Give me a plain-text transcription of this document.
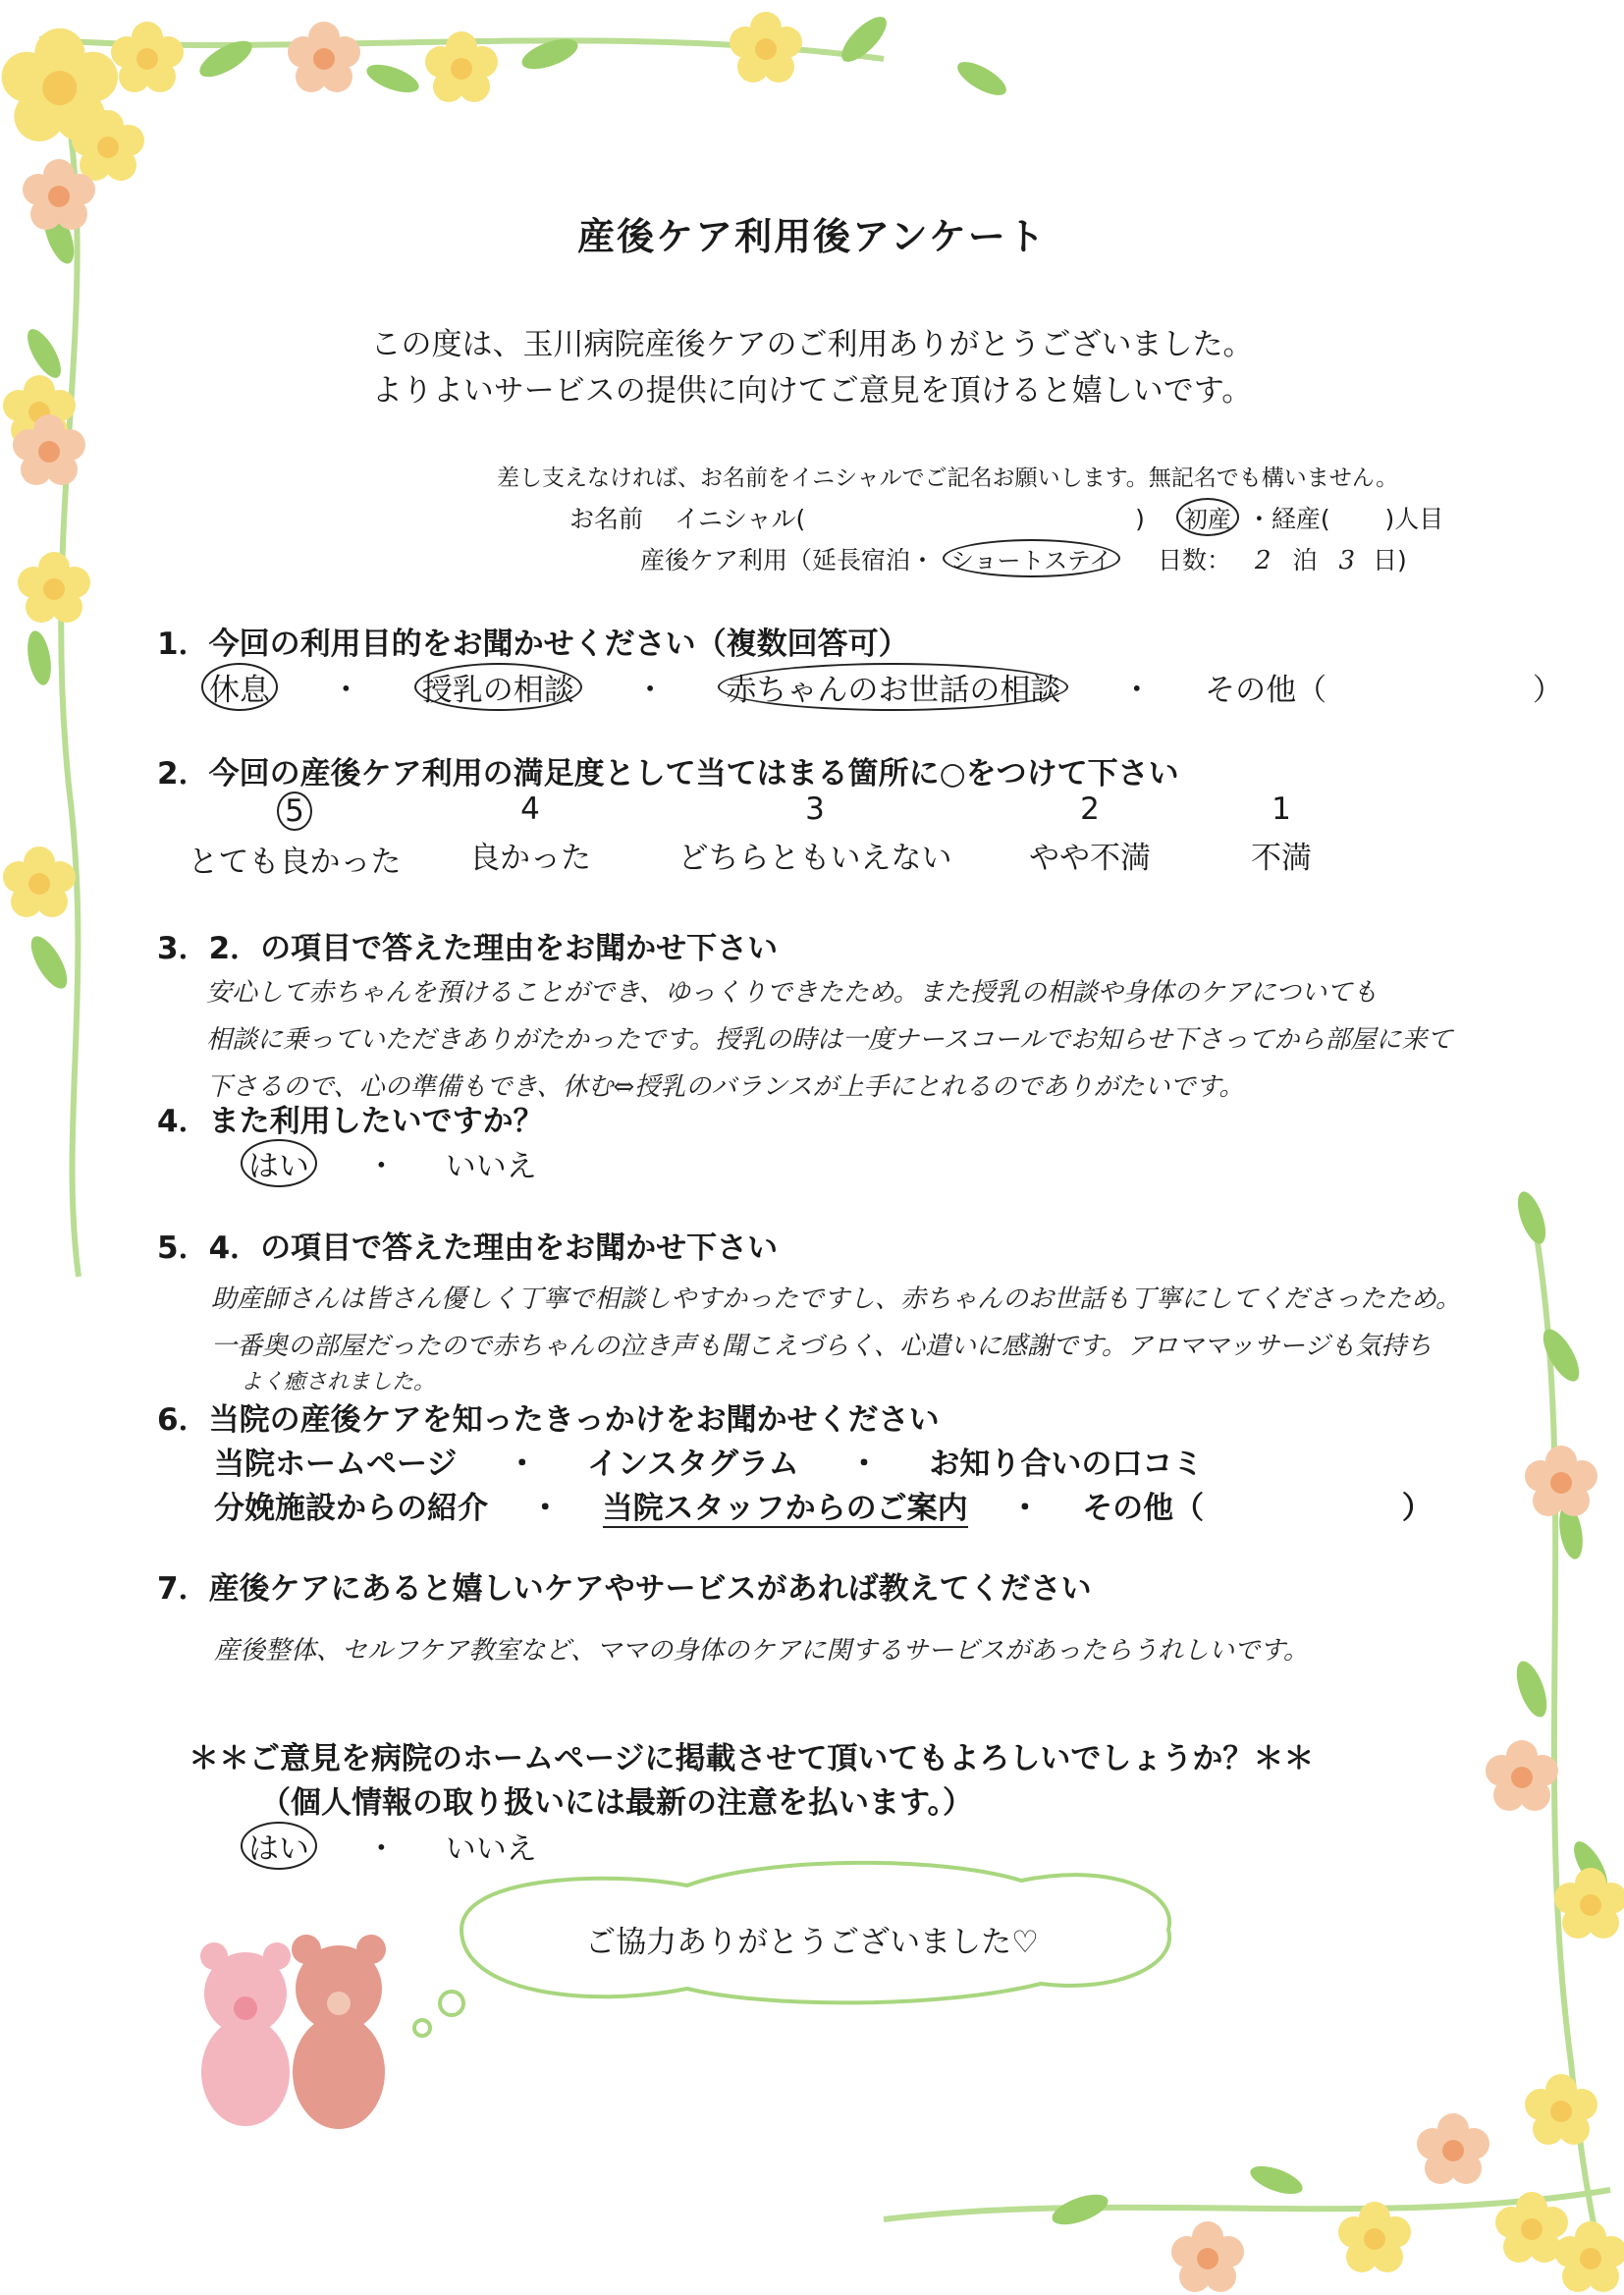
産後ケア利用後アンケート
この度は、玉川病院産後ケアのご利用ありがとうございました。
よりよいサービスの提供に向けてご意見を頂けると嬉しいです。
差し支えなければ、お名前をイニシャルでご記名お願いします。無記名でも構いません。
お名前 イニシャル(	) 初産 ・経産( )人目
産後ケア利用（延長宿泊・ ショートステイ 日数： 2 泊 3 日)
1．今回の利用目的をお聞かせください（複数回答可）
休息 ・ 授乳の相談 ・ 赤ちゃんのお世話の相談 ・ その他（	）
2．今回の産後ケア利用の満足度として当てはまる箇所に○をつけて下さい
5
とても良かった
4
良かった
3
どちらともいえない
2
やや不満
1
不満
3．2．の項目で答えた理由をお聞かせ下さい
安心して赤ちゃんを預けることができ、ゆっくりできたため。また授乳の相談や身体のケアについても
相談に乗っていただきありがたかったです。授乳の時は一度ナースコールでお知らせ下さってから部屋に来て
下さるので、心の準備もでき、休む⇔授乳のバランスが上手にとれるのでありがたいです。
4．また利用したいですか？
はい ・ いいえ
5．4．の項目で答えた理由をお聞かせ下さい
助産師さんは皆さん優しく丁寧で相談しやすかったですし、赤ちゃんのお世話も丁寧にしてくださったため。
一番奥の部屋だったので赤ちゃんの泣き声も聞こえづらく、心遣いに感謝です。アロママッサージも気持ち
よく癒されました。
6．当院の産後ケアを知ったきっかけをお聞かせください
当院ホームページ ・ インスタグラム ・ お知り合いの口コミ
分娩施設からの紹介 ・ 当院スタッフからのご案内 ・ その他（	）
7．産後ケアにあると嬉しいケアやサービスがあれば教えてください
産後整体、セルフケア教室など、ママの身体のケアに関するサービスがあったらうれしいです。
＊＊ご意見を病院のホームページに掲載させて頂いてもよろしいでしょうか？＊＊
（個人情報の取り扱いには最新の注意を払います。）
はい ・ いいえ
ご協力ありがとうございました♡
